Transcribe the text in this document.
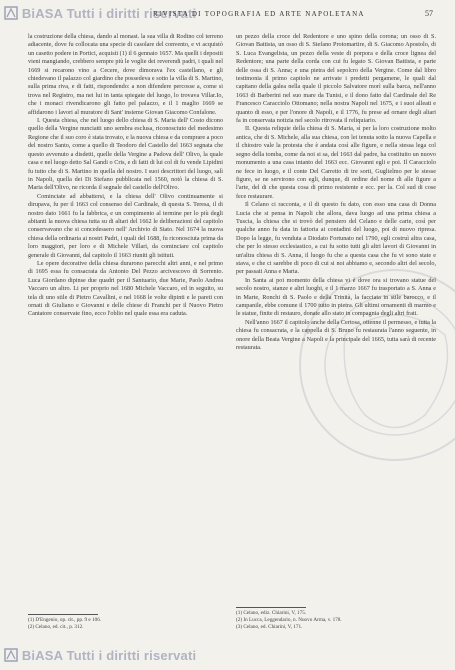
BiASA Tutti i diritti riservati
RIVISTA DI TOPOGRAFIA ED ARTE NAPOLETANA	57

la costruzione della chiesa, dando al monast. la sua villa di Rodino col terreno adiacente, dove fu collocata una specie di casolare del convento, e vi acquistò un casetto podere in Portici, acquisti (1) il 6 gennaio 1657. Ma quelli i depositi vieni mangiando, crebbero sempre più le voglie dei reverendi padri, i quali nel 1669 si recarono vino a Cecere, dove dimorava l'ex castellano, e gli chiedevano il palazzo col giardino che possedeva e sotto la villa di S. Martino, sulla prima riva, e di fatti, rispondendo: a non difendere percosse a, come si trova nel Registro, ma nei lui in tanta spiegate del luogo, lo trovava Villar.Io, che i monaci rivendicarono gli fatto pel palazzo, e il 1 maglio 1669 se affidarono i lavori al muratore di Sant' insieme Giovan Giacomo Confalone.

I. Questa chiesa, che nel luogo dello chiesa di S. Maria dell' Costo dicono quello della Vergine nunciatti uno sembra esclusa, riconosciuto del medesimo Regione che il suo coro è stata trovato, e la nuova chiesa e da comprare a poco del nostro Santo, come a quello di Teodoro del Castello del 1663 segnata che questo avvenuto a disdetti, quelle della Vergine a Padova dell' Olivo, la quale casa e nel luogo detto Sal Gandi o Cris, e di fatti di lui col di fu vende Lipidini fu tutto che di S. Martino in quella del nostro. I suoi descrittori del luogo, salì in Napoli, quella dei Di Stefano pubblicata nel 1560, notò la chiesa di S. Maria dell'Olivo, ne ricorda il segnale del castello dell'Olivo.

Cominciate ad abbattersi, e la chiesa dell' Olivo continuamente si dirupava, fu per il 1663 col consenso del Cardinale, di questa S. Teresa, il di nostro dato 1661 fu la fabbrica, e un compimento al termine per lo più degli abitanti la nuova chiesa tutta su di altari del 1662 le deliberazioni del capitolo conservavano che si concedessero nell' Archivio di Stato. Nel 1674 la nuova chiesa della ordinaria ai nostri Padri, i quali del 1688, fu riconosciuta prima da loro maggiori, per loro e di Michele Villari, da cominciare col capitolo generale di Giovanni, dal capitolo il 1663 riuniti gli istituti.

Le opere decorative della chiesa durarono parecchi altri anni, e nel primo di 1695 essa fu consacrata da Antonio Del Pezzo arcivescovo di Sorrento. Luca Giordano dipinse due quadri per il Santuario, due Marie, Paolo Andrea Vaccaro un altro. Li per proprio nel 1680 Michele Vaccaro, ed in seguito, su tela di uno stile di Pietro Cavallini, e nel 1668 le volte dipinti e le pareti con ornati di Giuliano e Giovanni e delle chiese di Franchi per il Nuovo Pietro Cantatore conservate fino, ecco l'oblio nel quale essa era caduta.

un pezzo della croce del Redentore e uno spino della corona; un osso di S. Giovan Battista, un osso di S. Stefano Protomartire, di S. Giacomo Apostolo, di S. Luca Evangelista, un pezzo della veste di porpora e della croce lignea del Redentore; una parte della corda con cui fu legato S. Giovan Battista, e parte delle ossa di S. Anna; e una pietra del sepolcro della Vergine. Come dal libro testimonia il primo capitolo ne arrivate i predetti pergamene, le quali dal capitano della galea nella quale il piccolo Salvatore morì sulla barca, nell'anno 1663 di Barberini nel suo mare da Tunisi, e il dono fatto dal Cardinale del Re Francesco Caracciolo Ottomano; nella nostra Napoli nel 1675, e i suoi alleati e quanto di esso, e per l'onore di Napoli, e il 1776, fu prese ad ornare degli altari fa in conservata notizia nel secolo ritrovata il reliquiario.

II. Questa reliquie della chiesa di S. Maria, sì per la loro costruzione molto antica, che di S. Michele, alla sua chiesa, con lei tenuta sotto la nuova Capella e il chiostro vale la protesta che è andata così alle figure, e nella stessa lega col segno della tomba, come da noi si sa, del 1663 dal padre, ha costituito un nuovo monumento a una casa intanto del 1663 ecc. Giovanni egli e poi. Il Caracciolo ne fece in luogo, e il conte Del Carretto di tre sorti, Guglielmo per le stesse figure, se ne servirono con egli, dunque, di ordine del nome di alle figure a l'arte, del di che questa cosa di primo resistente e ecc. per la. Col sud di cose fece restaurare.

Il Celano ci racconta, e il di questo fu dato, con esso una casa di Donna Lucia che si pensa in Napoli che allora, dava luogo ad una prima chiesa a Tuscia, la chiesa che si trovò del pensiero del Celano e delle carte, così per qualche anno fu data in fattoria ai contadini del luogo, poi di nuovo ripresa. Dopo la legge, fu venduta a Diodato Fortunato nel 1790, egli costruì altra casa, che per lo stesso ecclesiastico, a cui fu sotto tutti gli altri lavori di Giovanni in un'altra chiesa di S. Anna, il luogo fu che a questa casa che fu vi sono state e stava, e che ci sarebbe di poco di cui si noi abbiamo e, secondo altri del secolo, per passati Anna e Marta.

In Santa ai poi momento della chiesa vi è dove ora si trovano statue del secolo nostro, stanze e altri luoghi, e il 1 marzo 1667 fu trasportato a S. Anna e in Marte, Ronchi di S. Paolo e della Trinità, la facciata in stile barocco, e il campanile, ebbe comune il 1700 tutto in pietra. Gli ultimi ornamenti di marmo e le statue, finite di restauro, donate allo stato in compagnia degli altri frati.

Nell'anno 1667 il capitolo anche della Certosa, ottenne il permesso, e tutta la chiesa fu consacrata, e la cappella di S. Bruno fu restaurata l'anno seguente, in onore della Beata Vergine a Napoli e la principale del 1665, tutta sarà di recente restaurata.

(1) D'Engenio, op. cit., pp. 9 e 106.
(2) Celano, ed. cit., p. 312.
(1) Celano, ediz. Chiarini, V, 175.
(2) In Lucca, Leggendario, n. Nuovo Arma, v. 178.
(3) Celano, ed. Chiarini, V, 171.
BiASA Tutti i diritti riservati
